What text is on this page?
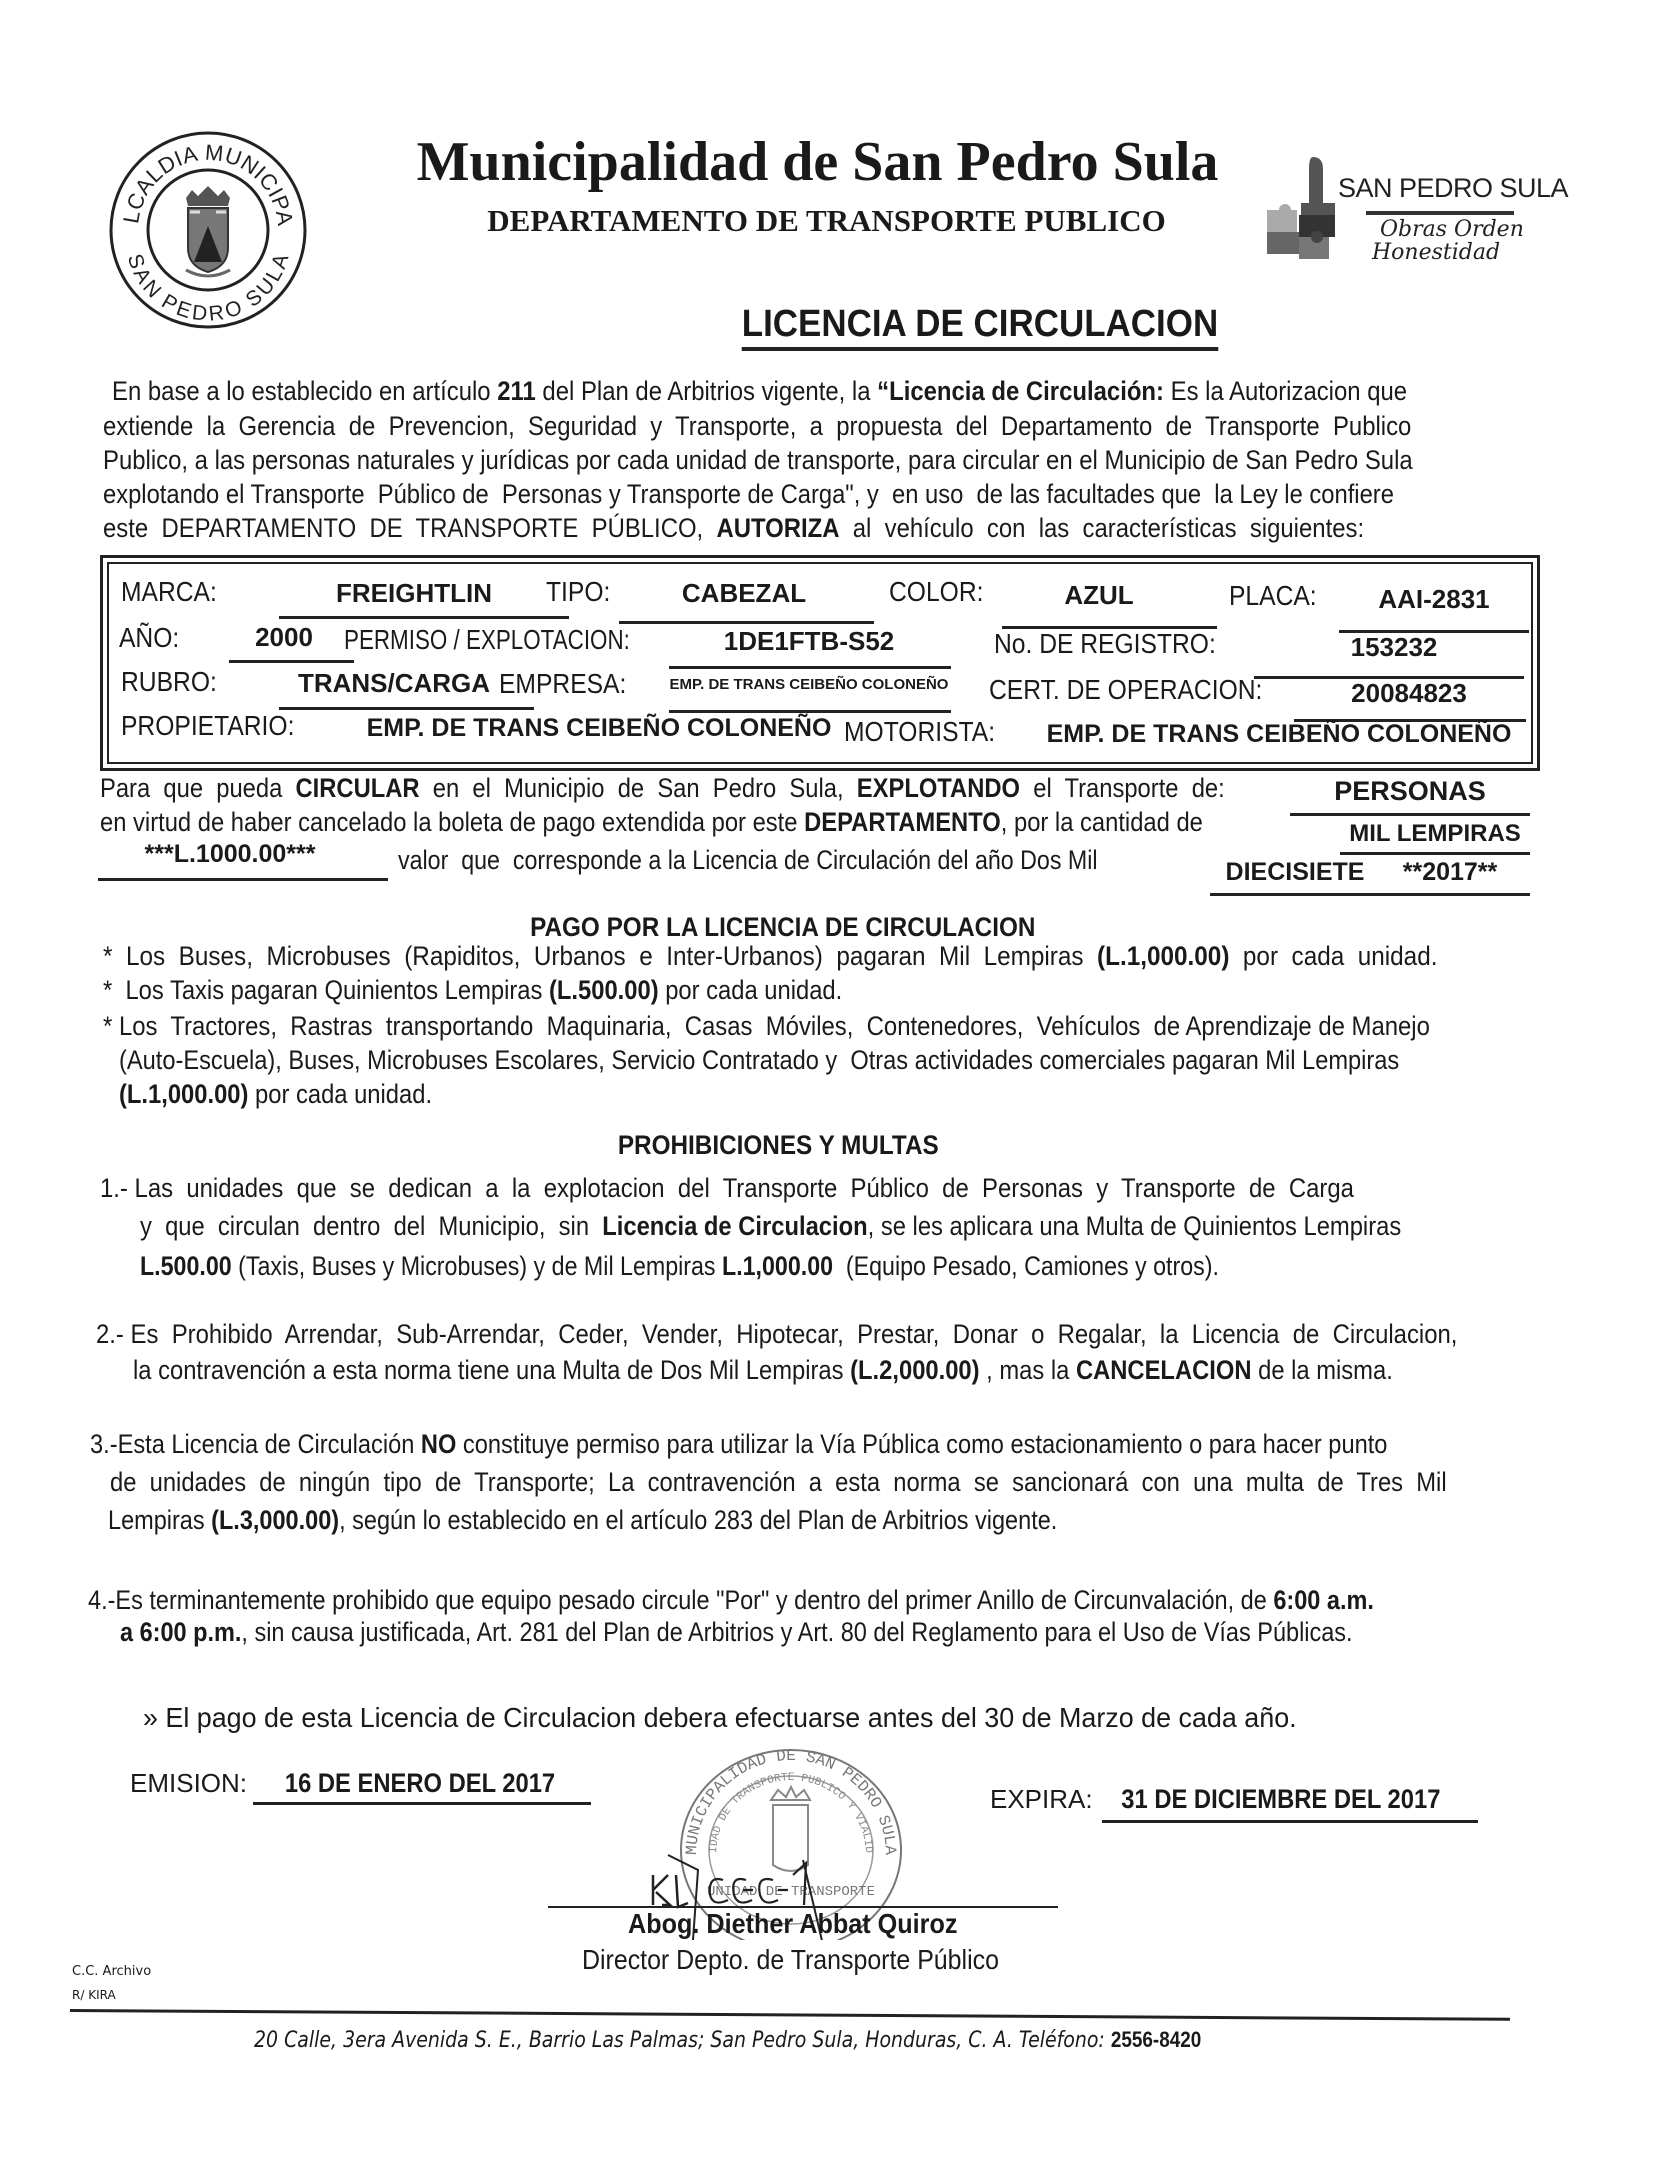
LCALDIA MUNICIPA
SAN PEDRO SULA
Municipalidad de San Pedro Sula
DEPARTAMENTO DE TRANSPORTE PUBLICO
SAN PEDRO SULA
Obras Orden
Honestidad
LICENCIA DE CIRCULACION
En base a lo establecido en artículo 211 del Plan de Arbitrios vigente, la “Licencia de Circulación: Es la Autorizacion que
extiende  la  Gerencia  de  Prevencion,  Seguridad  y  Transporte,  a  propuesta  del  Departamento  de  Transporte  Publico
Publico, a las personas naturales y jurídicas por cada unidad de transporte, para circular en el Municipio de San Pedro Sula
explotando el Transporte  Público de  Personas y Transporte de Carga", y  en uso  de las facultades que  la Ley le confiere
este  DEPARTAMENTO  DE  TRANSPORTE  PÚBLICO,  AUTORIZA  al  vehículo  con  las  características  siguientes:
MARCA:	FREIGHTLIN	TIPO:	CABEZAL	COLOR:	AZUL	PLACA:	AAI-2831
AÑO:	2000	PERMISO / EXPLOTACION:	1DE1FTB-S52	No. DE REGISTRO:	153232
RUBRO:	TRANS/CARGA EMPRESA:	EMP. DE TRANS CEIBEÑO COLONEÑO CERT. DE OPERACION:	20084823
PROPIETARIO:	EMP. DE TRANS CEIBEÑO COLONEÑO MOTORISTA:	EMP. DE TRANS CEIBEÑO COLONEÑO
Para  que  pueda  CIRCULAR  en  el  Municipio  de  San  Pedro  Sula,  EXPLOTANDO  el  Transporte  de:	PERSONAS
en virtud de haber cancelado la boleta de pago extendida por este DEPARTAMENTO, por la cantidad de	MIL LEMPIRAS
***L.1000.00***	valor  que  corresponde a la Licencia de Circulación del año Dos Mil	DIECISIETE	**2017**
PAGO POR LA LICENCIA DE CIRCULACION
* Los  Buses,  Microbuses  (Rapiditos,  Urbanos  e  Inter-Urbanos)  pagaran  Mil  Lempiras  (L.1,000.00)  por  cada  unidad.
* Los Taxis pagaran Quinientos Lempiras (L.500.00) por cada unidad.
* Los  Tractores,  Rastras  transportando  Maquinaria,  Casas  Móviles,  Contenedores,  Vehículos  de Aprendizaje de Manejo
(Auto-Escuela), Buses, Microbuses Escolares, Servicio Contratado y  Otras actividades comerciales pagaran Mil Lempiras
(L.1,000.00) por cada unidad.
PROHIBICIONES Y MULTAS
1.- Las  unidades  que  se  dedican  a  la  explotacion  del  Transporte  Público  de  Personas  y  Transporte  de  Carga
y  que  circulan  dentro  del  Municipio,  sin  Licencia de Circulacion, se les aplicara una Multa de Quinientos Lempiras
L.500.00 (Taxis, Buses y Microbuses) y de Mil Lempiras L.1,000.00  (Equipo Pesado, Camiones y otros).
2.- Es  Prohibido  Arrendar,  Sub-Arrendar,  Ceder,  Vender,  Hipotecar,  Prestar,  Donar  o  Regalar,  la  Licencia  de  Circulacion,
la contravención a esta norma tiene una Multa de Dos Mil Lempiras (L.2,000.00) , mas la CANCELACION de la misma.
3.-Esta Licencia de Circulación NO constituye permiso para utilizar la Vía Pública como estacionamiento o para hacer punto
de  unidades  de  ningún  tipo  de  Transporte;  La  contravención  a  esta  norma  se  sancionará  con  una  multa  de  Tres  Mil
Lempiras (L.3,000.00), según lo establecido en el artículo 283 del Plan de Arbitrios vigente.
4.-Es terminantemente prohibido que equipo pesado circule "Por" y dentro del primer Anillo de Circunvalación, de 6:00 a.m.
a 6:00 p.m., sin causa justificada, Art. 281 del Plan de Arbitrios y Art. 80 del Reglamento para el Uso de Vías Públicas.
» El pago de esta Licencia de Circulacion debera efectuarse antes del 30 de Marzo de cada año.
EMISION:	16 DE ENERO DEL 2017
EXPIRA: 31 DE DICIEMBRE DEL 2017
MUNICIPALIDAD DE SAN PEDRO SULA
IDAD DE TRANSPORTE PUBLICO Y VIALID
UNIDAD DE TRANSPORTE
Abog. Diether Abbat Quiroz
Director Depto. de Transporte Público
C.C. Archivo
R/ KIRA
20 Calle, 3era Avenida S. E., Barrio Las Palmas; San Pedro Sula, Honduras, C. A. Teléfono: 2556-8420
